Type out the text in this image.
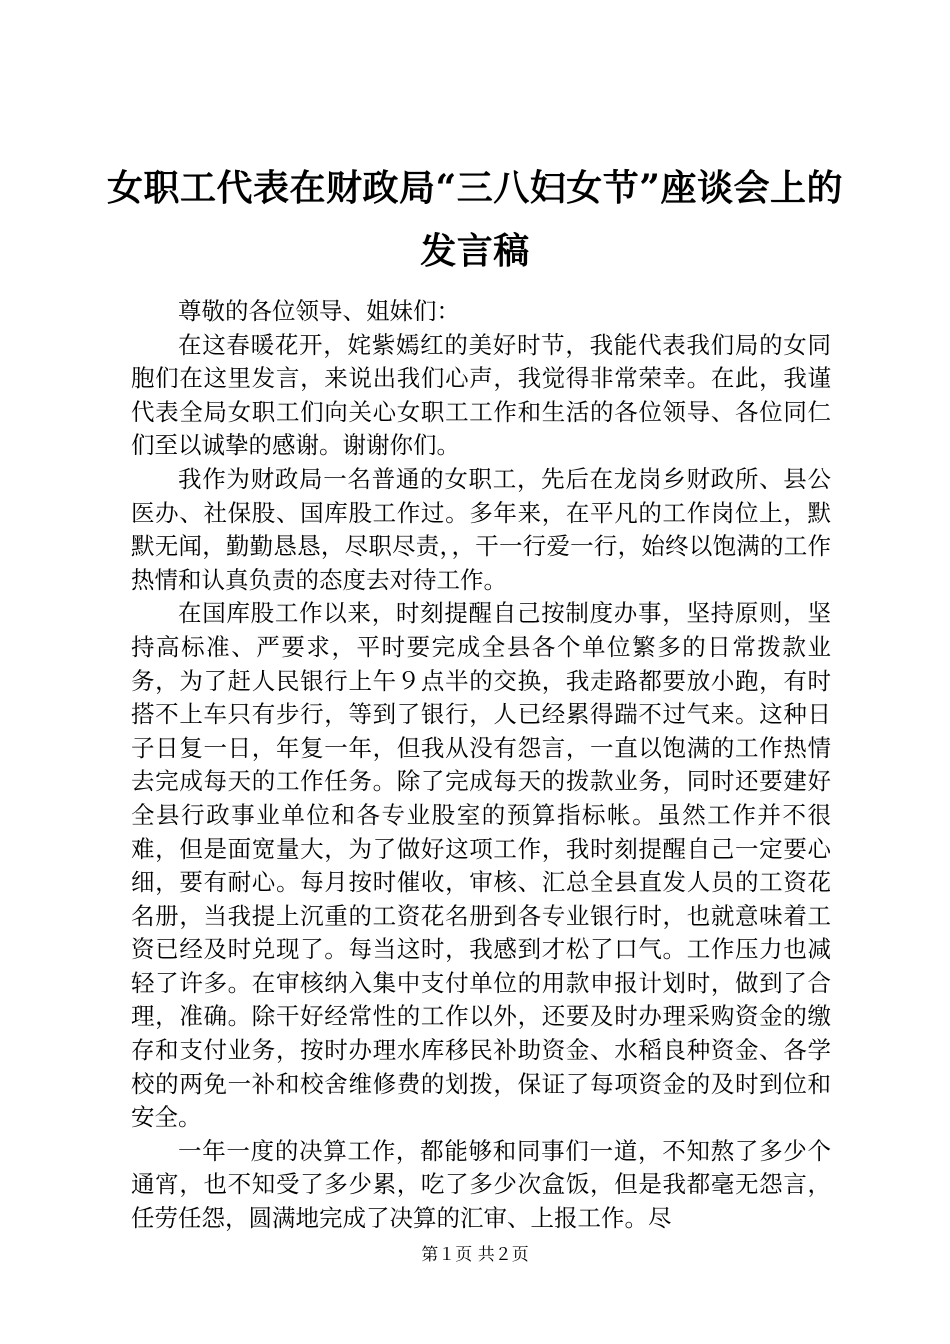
女职工代表在财政局“三八妇女节”座谈会上的发言稿

尊敬的各位领导、姐妹们：

在这春暖花开，姹紫嫣红的美好时节，我能代表我们局的女同胞们在这里发言，来说出我们心声，我觉得非常荣幸。在此，我谨代表全局女职工们向关心女职工工作和生活的各位领导、各位同仁们至以诚挚的感谢。谢谢你们。

我作为财政局一名普通的女职工，先后在龙岗乡财政所、县公医办、社保股、国库股工作过。多年来，在平凡的工作岗位上，默默无闻，勤勤恳恳，尽职尽责，，干一行爱一行，始终以饱满的工作热情和认真负责的态度去对待工作。

在国库股工作以来，时刻提醒自己按制度办事，坚持原则，坚持高标准、严要求，平时要完成全县各个单位繁多的日常拨款业务，为了赶人民银行上午９点半的交换，我走路都要放小跑，有时搭不上车只有步行，等到了银行，人已经累得踹不过气来。这种日子日复一日，年复一年，但我从没有怨言，一直以饱满的工作热情去完成每天的工作任务。除了完成每天的拨款业务，同时还要建好全县行政事业单位和各专业股室的预算指标帐。虽然工作并不很难，但是面宽量大，为了做好这项工作，我时刻提醒自己一定要心细，要有耐心。每月按时催收，审核、汇总全县直发人员的工资花名册，当我提上沉重的工资花名册到各专业银行时，也就意味着工资已经及时兑现了。每当这时，我感到才松了口气。工作压力也减轻了许多。在审核纳入集中支付单位的用款申报计划时，做到了合理，准确。除干好经常性的工作以外，还要及时办理采购资金的缴存和支付业务，按时办理水库移民补助资金、水稻良种资金、各学校的两免一补和校舍维修费的划拨，保证了每项资金的及时到位和安全。

一年一度的决算工作，都能够和同事们一道，不知熬了多少个通宵，也不知受了多少累，吃了多少次盒饭，但是我都毫无怨言，任劳任怨，圆满地完成了决算的汇审、上报工作。尽

第１页 共２页
